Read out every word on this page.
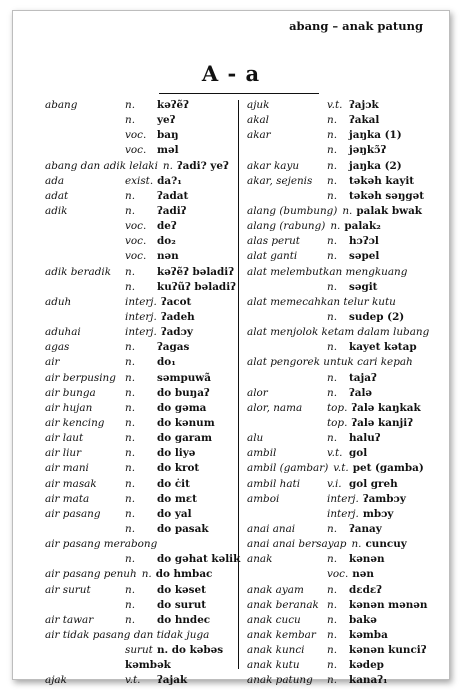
abang – anak patung
A - a
abang	n. kəʔẽʔ
n. yeʔ
voc. baŋ
voc. məl
abang dan adik lelaki n. ʔadi? yeʔ
ada	exist. da?₁
adat	n. ʔadat
adik	n. ʔadiʔ
voc. deʔ
voc. do₂
voc. nən
adik beradik n. kəʔẽʔ bəladiʔ
n. kuʔũʔ bəladiʔ
aduh	interj. ʔacot
interj. ʔadeh
aduhai	interj. ʔadɔy
agas	n. ʔagas
air	n. do₁
air berpusing n. səmpuwã
air bunga	n. do buŋaʔ
air hujan	n. do gəma
air kencing n. do kənum
air laut	n. do garam
air liur	n. do liyə
air mani	n. do krot
air masak	n. do ċit
air mata	n. do mɛt
air pasang n. do yal
n. do pasak
air pasang merabong
n. do gəhat kəlik
air pasang penuh n. do hmbac
air surut	n. do kəset
n. do surut
air tawar	n. do hndec
air tidak pasang dan tidak juga
surut n. do kəbəs
kəmbək
ajak	v.t. ʔajak
ajuk	v.t. ʔajɔk
akal	n. ʔakal
akar	n. jaŋka (1)
n. jəŋkɔ̃ʔ
akar kayu	n. jaŋka (2)
akar, sejenis n. təkəh kayit
n. təkəh səŋgət
alang (bumbung) n. palak bwak
alang (rabung) n. palak₂
alas perut	n. hɔʔɔl
alat ganti	n. səpel
alat melembutkan mengkuang
n. səgit
alat memecahkan telur kutu
n. sudep (2)
alat menjolok ketam dalam lubang
n. kayet kətap
alat pengorek untuk cari kepah
n. tajaʔ
alor	n. ʔalə
alor, nama top. ʔalə kaŋkak
top. ʔalə kanjiʔ
alu	n. haluʔ
ambil	v.t. gol
ambil (gambar) v.t. pet (gamba)
ambil hati	v.i. gol greh
amboi	interj. ʔambɔy
interj. mbɔy
anai anai	n. ʔanay
anai anai bersayap n. cuncuy
anak	n. kənən
voc. nən
anak ayam n. dɛdɛʔ
anak beranak n. kənən mənən
anak cucu	n. bakə
anak kembar n. kəmba
anak kunci n. kənən kunciʔ
anak kutu	n. kədep
anak patung n. kanaʔ₁
